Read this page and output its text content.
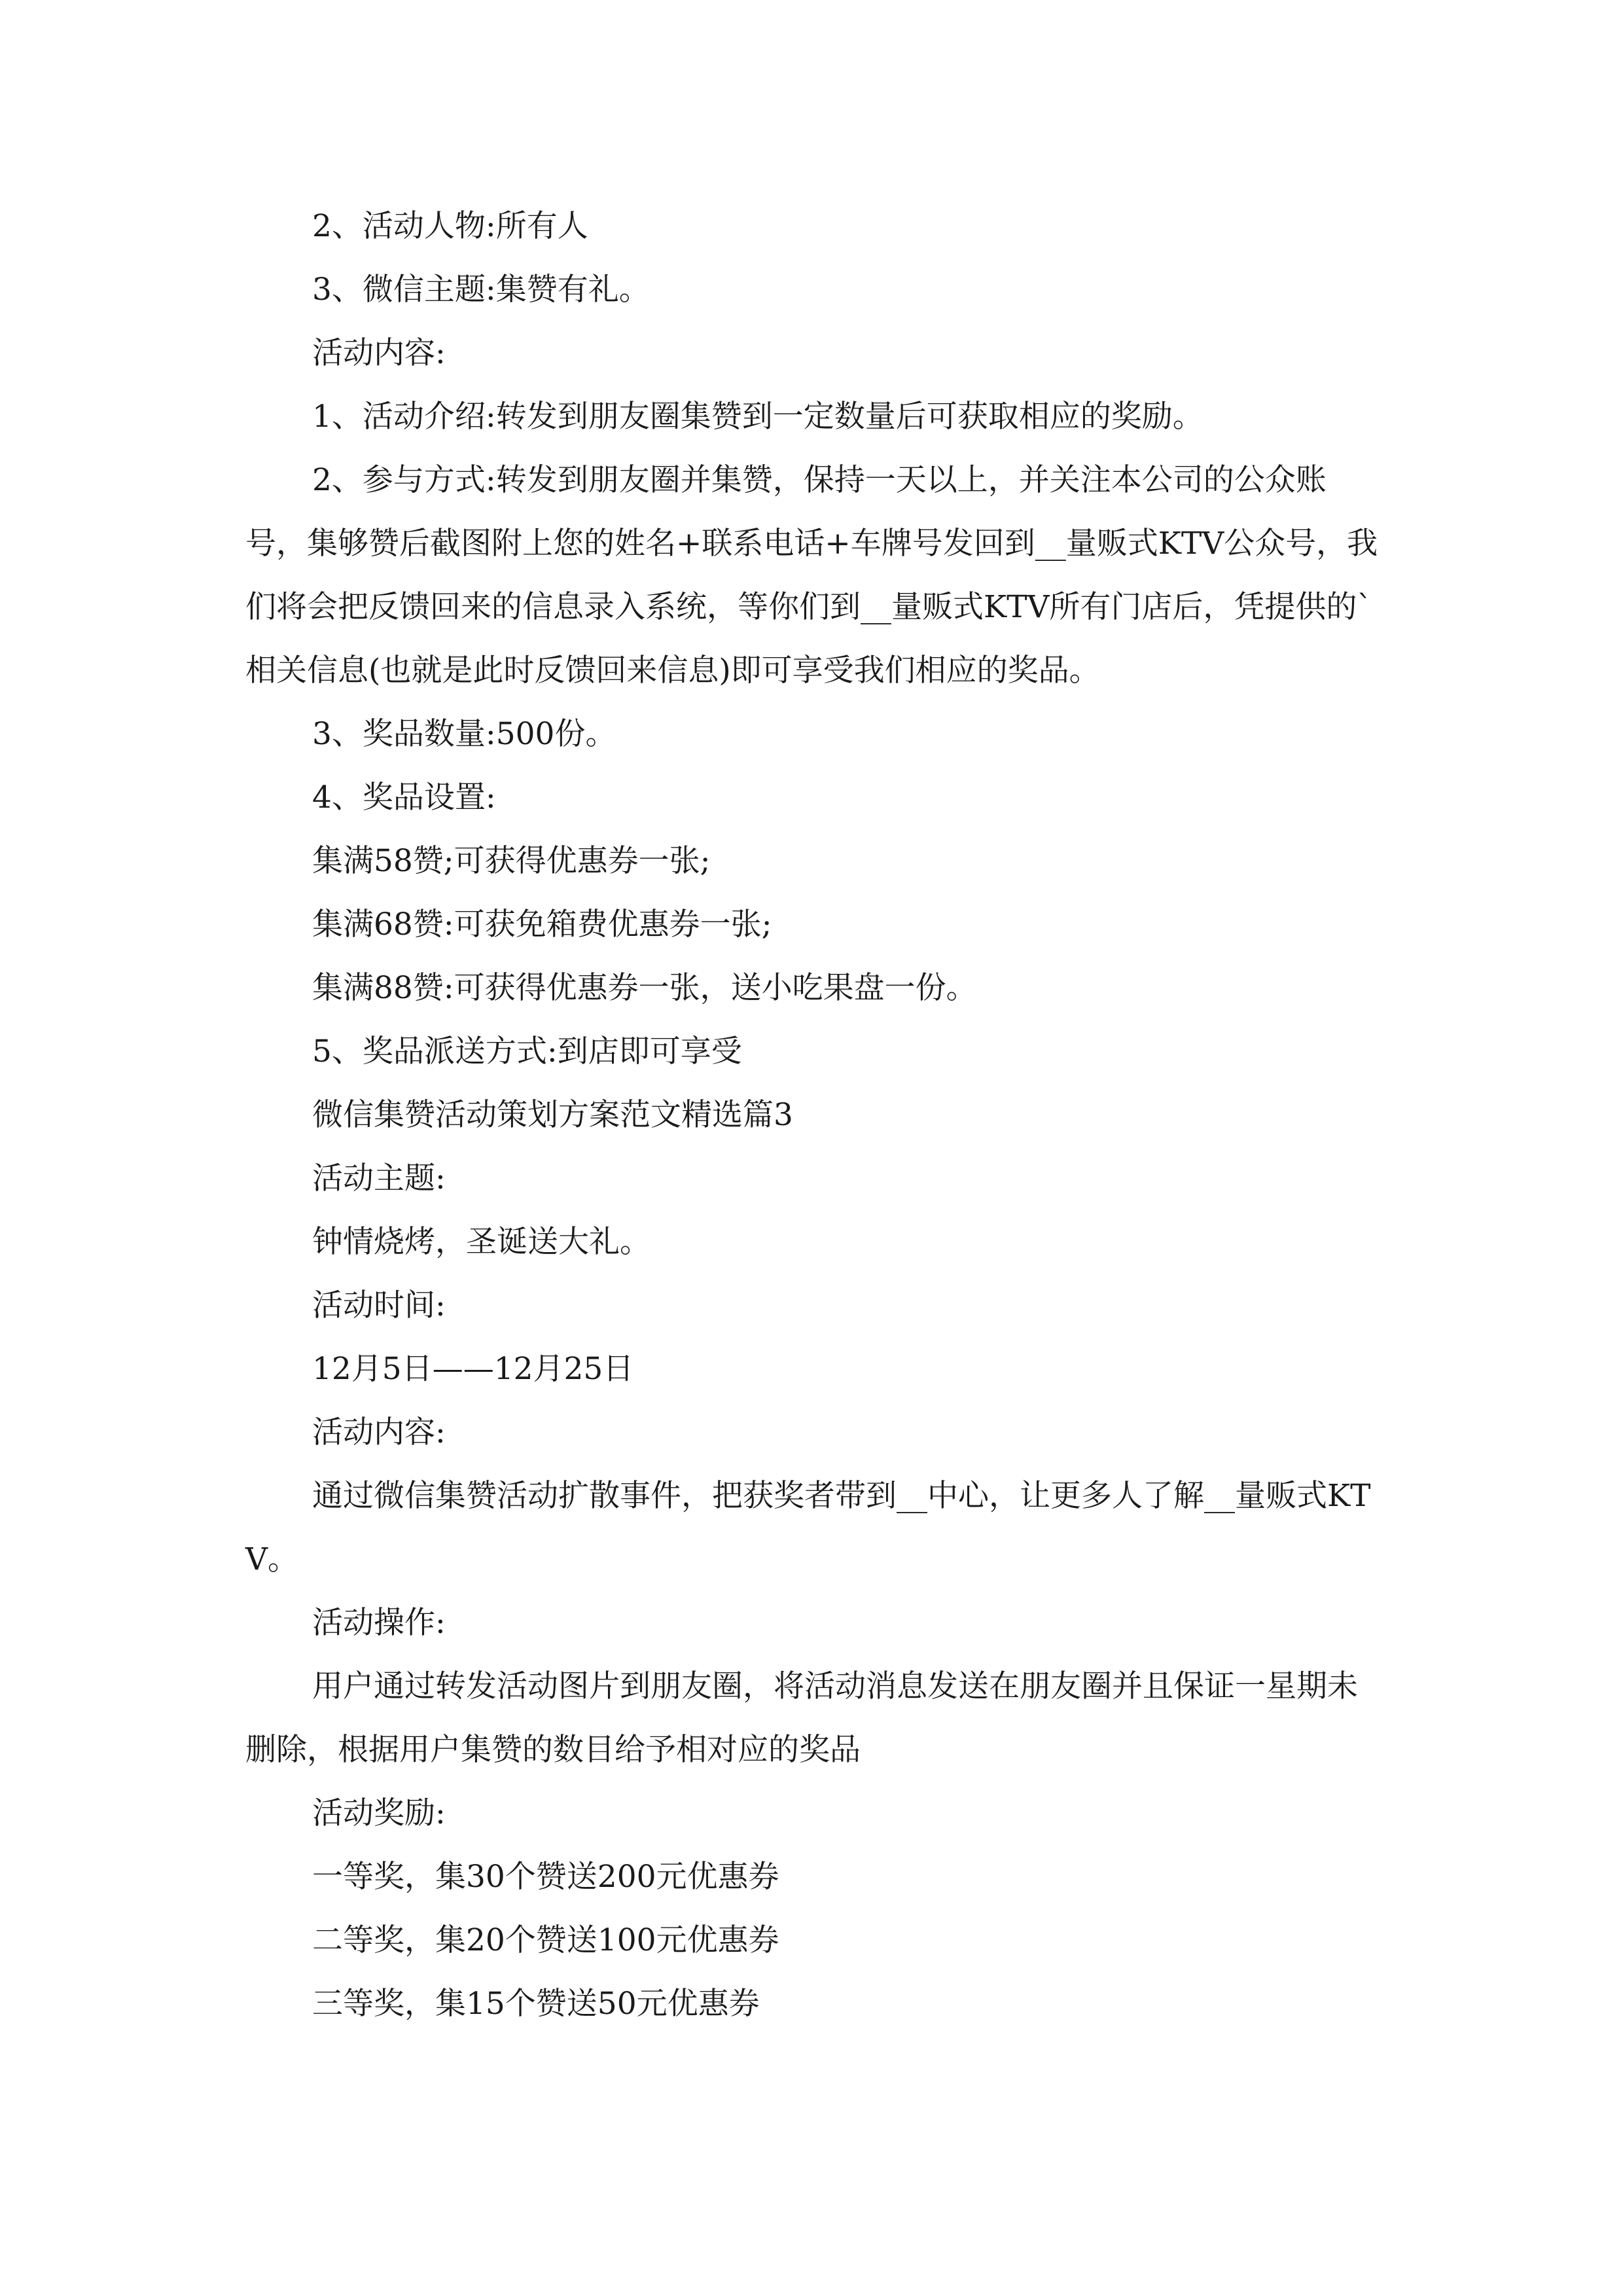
2、活动人物:所有人

3、微信主题:集赞有礼。

活动内容:

1、活动介绍:转发到朋友圈集赞到一定数量后可获取相应的奖励。

2、参与方式:转发到朋友圈并集赞，保持一天以上，并关注本公司的公众账号，集够赞后截图附上您的姓名+联系电话+车牌号发回到__量贩式KTV公众号，我们将会把反馈回来的信息录入系统，等你们到__量贩式KTV所有门店后，凭提供的`相关信息(也就是此时反馈回来信息)即可享受我们相应的奖品。

3、奖品数量:500份。

4、奖品设置:

集满58赞;可获得优惠券一张;

集满68赞:可获免箱费优惠券一张;

集满88赞:可获得优惠券一张，送小吃果盘一份。

5、奖品派送方式:到店即可享受

微信集赞活动策划方案范文精选篇3

活动主题:

钟情烧烤，圣诞送大礼。

活动时间:

12月5日——12月25日

活动内容:

通过微信集赞活动扩散事件，把获奖者带到__中心，让更多人了解__量贩式KTV。

活动操作:

用户通过转发活动图片到朋友圈，将活动消息发送在朋友圈并且保证一星期未删除，根据用户集赞的数目给予相对应的奖品

活动奖励:

一等奖，集30个赞送200元优惠券

二等奖，集20个赞送100元优惠券

三等奖，集15个赞送50元优惠券
